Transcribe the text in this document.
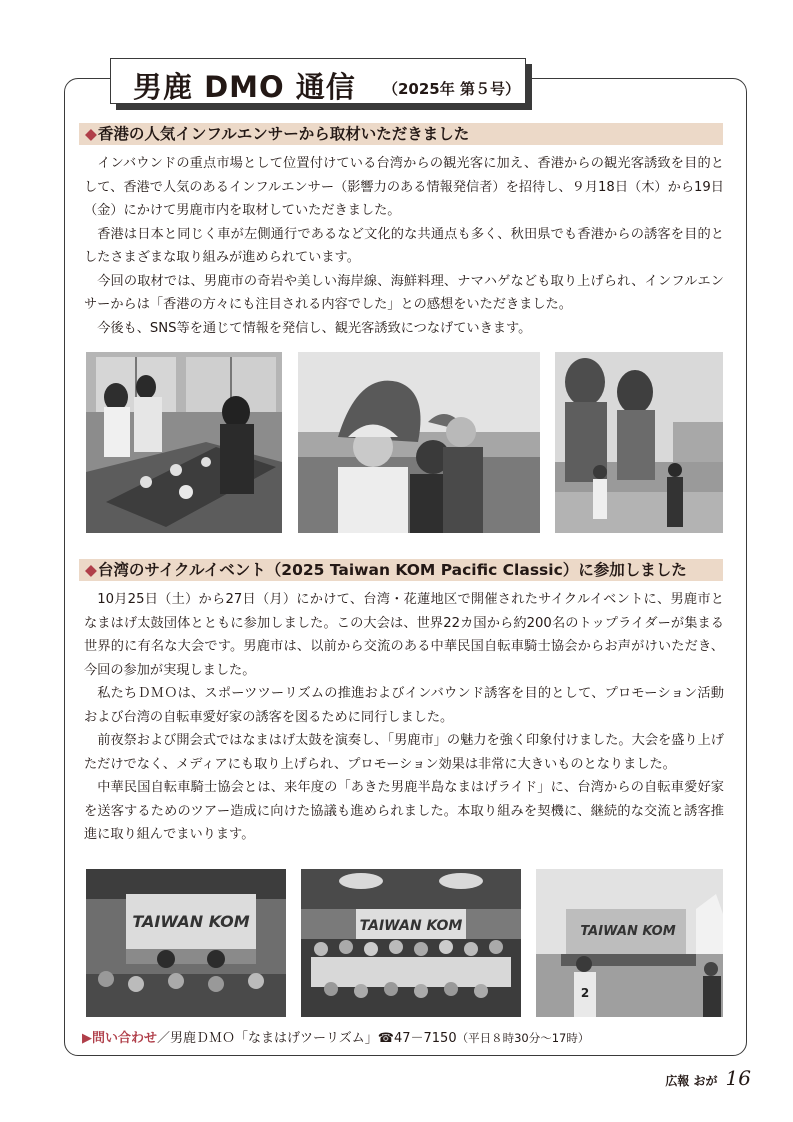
男鹿 DMO 通信 （2025年 第５号）
◆香港の人気インフルエンサーから取材いただきました

インバウンドの重点市場として位置付けている台湾からの観光客に加え、香港からの観光客誘致を目的として、香港で人気のあるインフルエンサー（影響力のある情報発信者）を招待し、９月18日（木）から19日（金）にかけて男鹿市内を取材していただきました。

香港は日本と同じく車が左側通行であるなど文化的な共通点も多く、秋田県でも香港からの誘客を目的としたさまざまな取り組みが進められています。

今回の取材では、男鹿市の奇岩や美しい海岸線、海鮮料理、ナマハゲなども取り上げられ、インフルエンサーからは「香港の方々にも注目される内容でした」との感想をいただきました。

今後も、SNS等を通じて情報を発信し、観光客誘致につなげていきます。

◆台湾のサイクルイベント（2025 Taiwan KOM Pacific Classic）に参加しました

10月25日（土）から27日（月）にかけて、台湾・花蓮地区で開催されたサイクルイベントに、男鹿市となまはげ太鼓団体とともに参加しました。この大会は、世界22カ国から約200名のトップライダーが集まる世界的に有名な大会です。男鹿市は、以前から交流のある中華民国自転車騎士協会からお声がけいただき、今回の参加が実現しました。

私たちＤＭＯは、スポーツツーリズムの推進およびインバウンド誘客を目的として、プロモーション活動および台湾の自転車愛好家の誘客を図るために同行しました。

前夜祭および開会式ではなまはげ太鼓を演奏し、「男鹿市」の魅力を強く印象付けました。大会を盛り上げただけでなく、メディアにも取り上げられ、プロモーション効果は非常に大きいものとなりました。

中華民国自転車騎士協会とは、来年度の「あきた男鹿半島なまはげライド」に、台湾からの自転車愛好家を送客するためのツアー造成に向けた協議も進められました。本取り組みを契機に、継続的な交流と誘客推進に取り組んでまいります。

TAIWAN KOM	TAIWAN KOM	TAIWAN KOM
2
▶問い合わせ／男鹿ＤＭＯ「なまはげツーリズム」☎47－7150（平日８時30分～17時）
広報 おが 16
